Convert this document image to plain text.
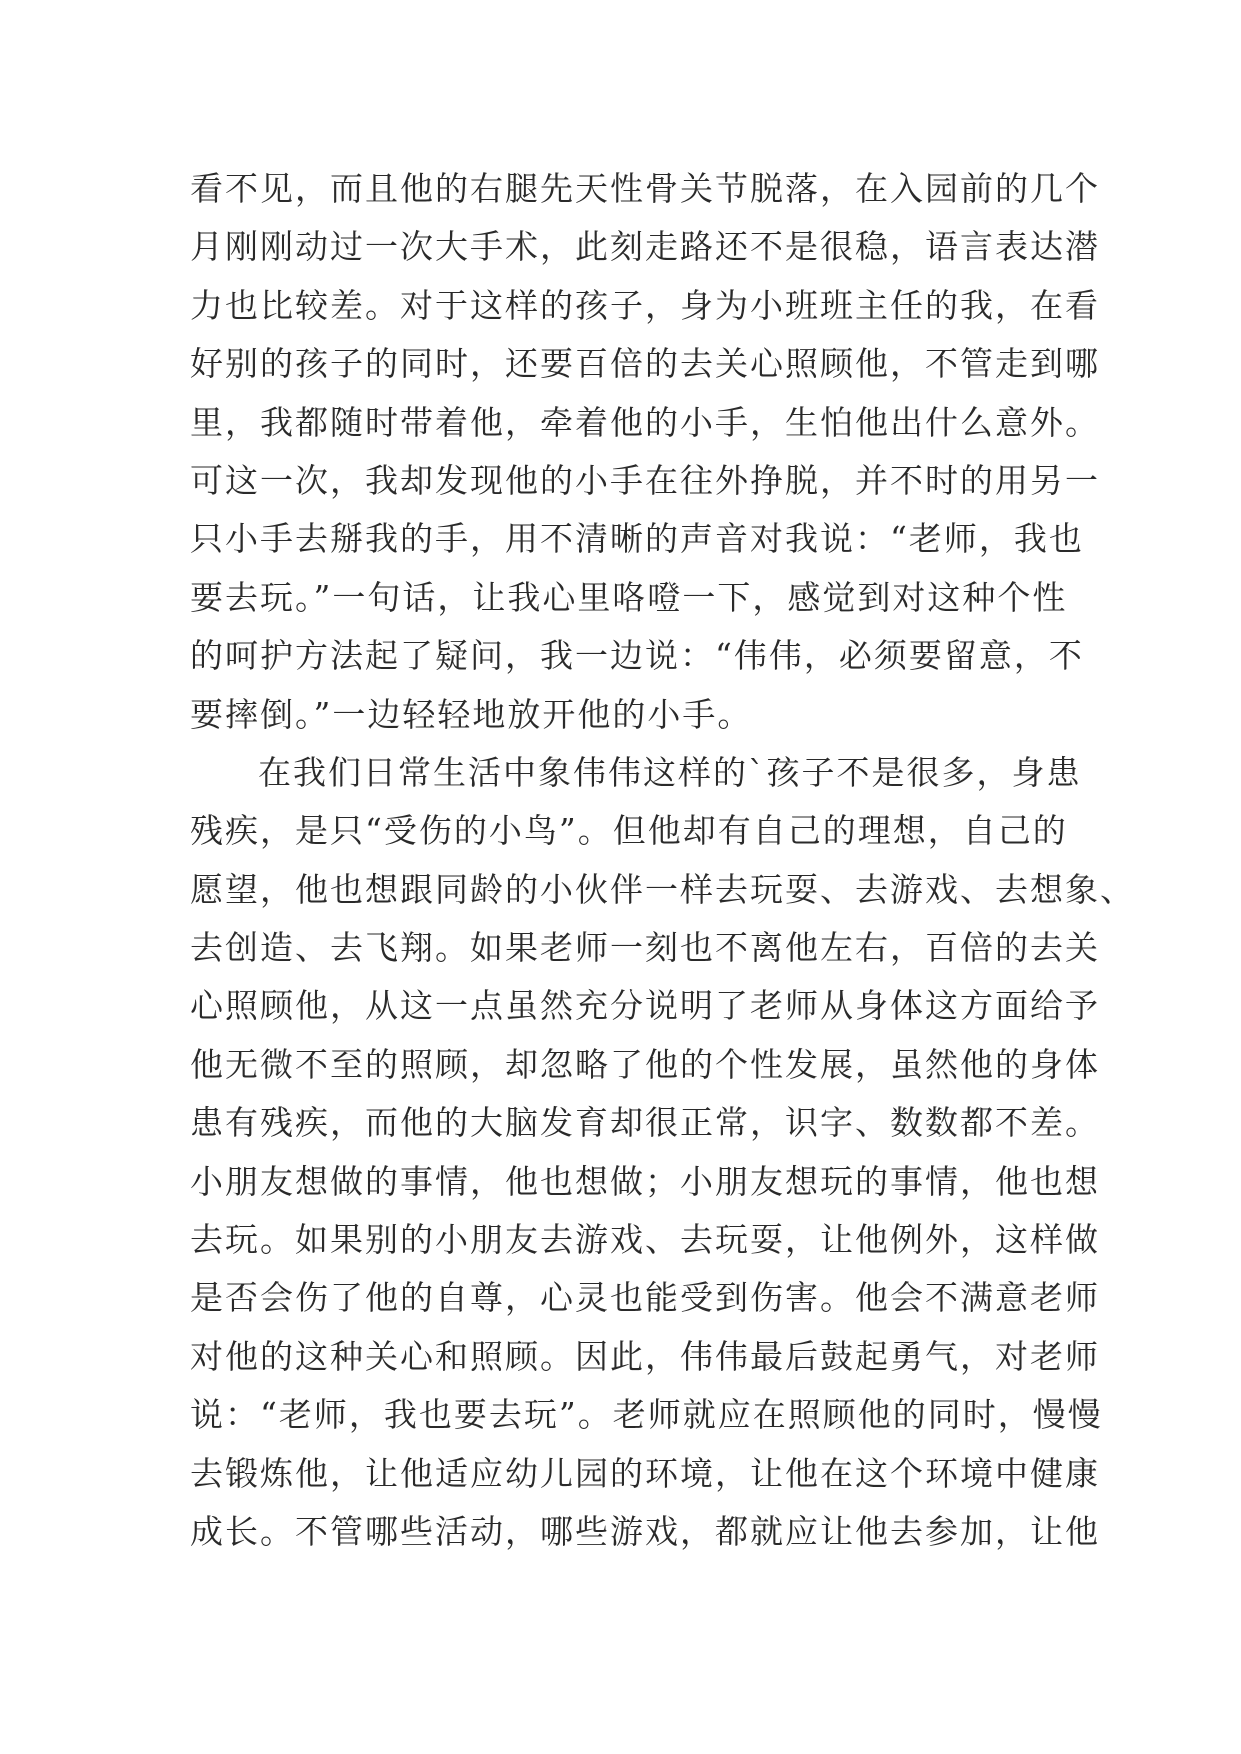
看不见，而且他的右腿先天性骨关节脱落，在入园前的几个
月刚刚动过一次大手术，此刻走路还不是很稳，语言表达潜
力也比较差。对于这样的孩子，身为小班班主任的我，在看
好别的孩子的同时，还要百倍的去关心照顾他，不管走到哪
里，我都随时带着他，牵着他的小手，生怕他出什么意外。
可这一次，我却发现他的小手在往外挣脱，并不时的用另一
只小手去掰我的手，用不清晰的声音对我说：“老师，我也
要去玩。”一句话，让我心里咯噔一下，感觉到对这种个性
的呵护方法起了疑问，我一边说：“伟伟，必须要留意，不
要摔倒。”一边轻轻地放开他的小手。
在我们日常生活中象伟伟这样的`孩子不是很多，身患
残疾，是只“受伤的小鸟”。但他却有自己的理想，自己的
愿望，他也想跟同龄的小伙伴一样去玩耍、去游戏、去想象、
去创造、去飞翔。如果老师一刻也不离他左右，百倍的去关
心照顾他，从这一点虽然充分说明了老师从身体这方面给予
他无微不至的照顾，却忽略了他的个性发展，虽然他的身体
患有残疾，而他的大脑发育却很正常，识字、数数都不差。
小朋友想做的事情，他也想做；小朋友想玩的事情，他也想
去玩。如果别的小朋友去游戏、去玩耍，让他例外，这样做
是否会伤了他的自尊，心灵也能受到伤害。他会不满意老师
对他的这种关心和照顾。因此，伟伟最后鼓起勇气，对老师
说：“老师，我也要去玩”。老师就应在照顾他的同时，慢慢
去锻炼他，让他适应幼儿园的环境，让他在这个环境中健康
成长。不管哪些活动，哪些游戏，都就应让他去参加，让他
